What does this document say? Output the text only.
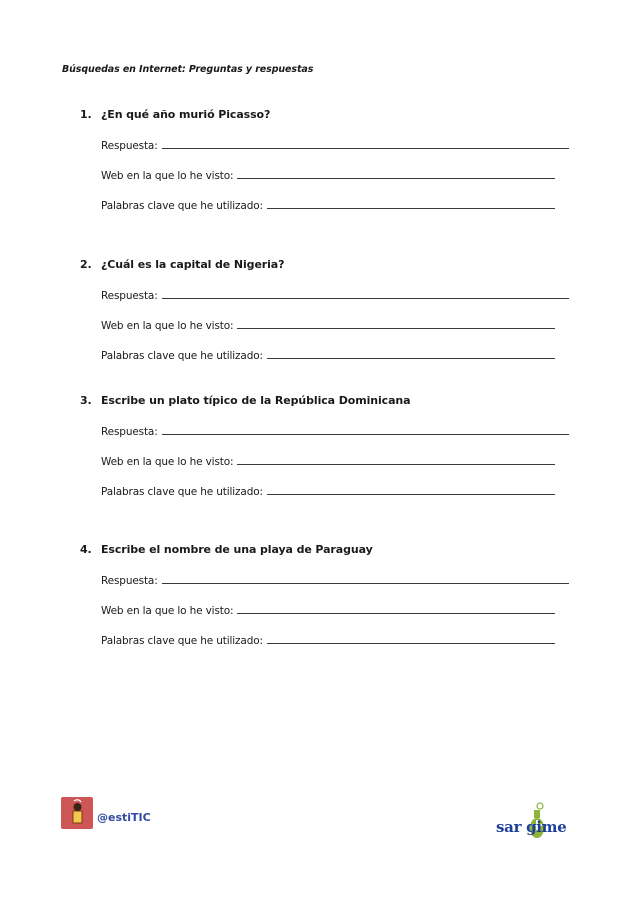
Búsquedas en Internet: Preguntas y respuestas
1. ¿En qué año murió Picasso?
Respuesta:
Web en la que lo he visto:
Palabras clave que he utilizado:
2. ¿Cuál es la capital de Nigeria?
Respuesta:
Web en la que lo he visto:
Palabras clave que he utilizado:
3. Escribe un plato típico de la República Dominicana
Respuesta:
Web en la que lo he visto:
Palabras clave que he utilizado:
4. Escribe el nombre de una playa de Paraguay
Respuesta:
Web en la que lo he visto:
Palabras clave que he utilizado:
@estiTIC
sar gime
